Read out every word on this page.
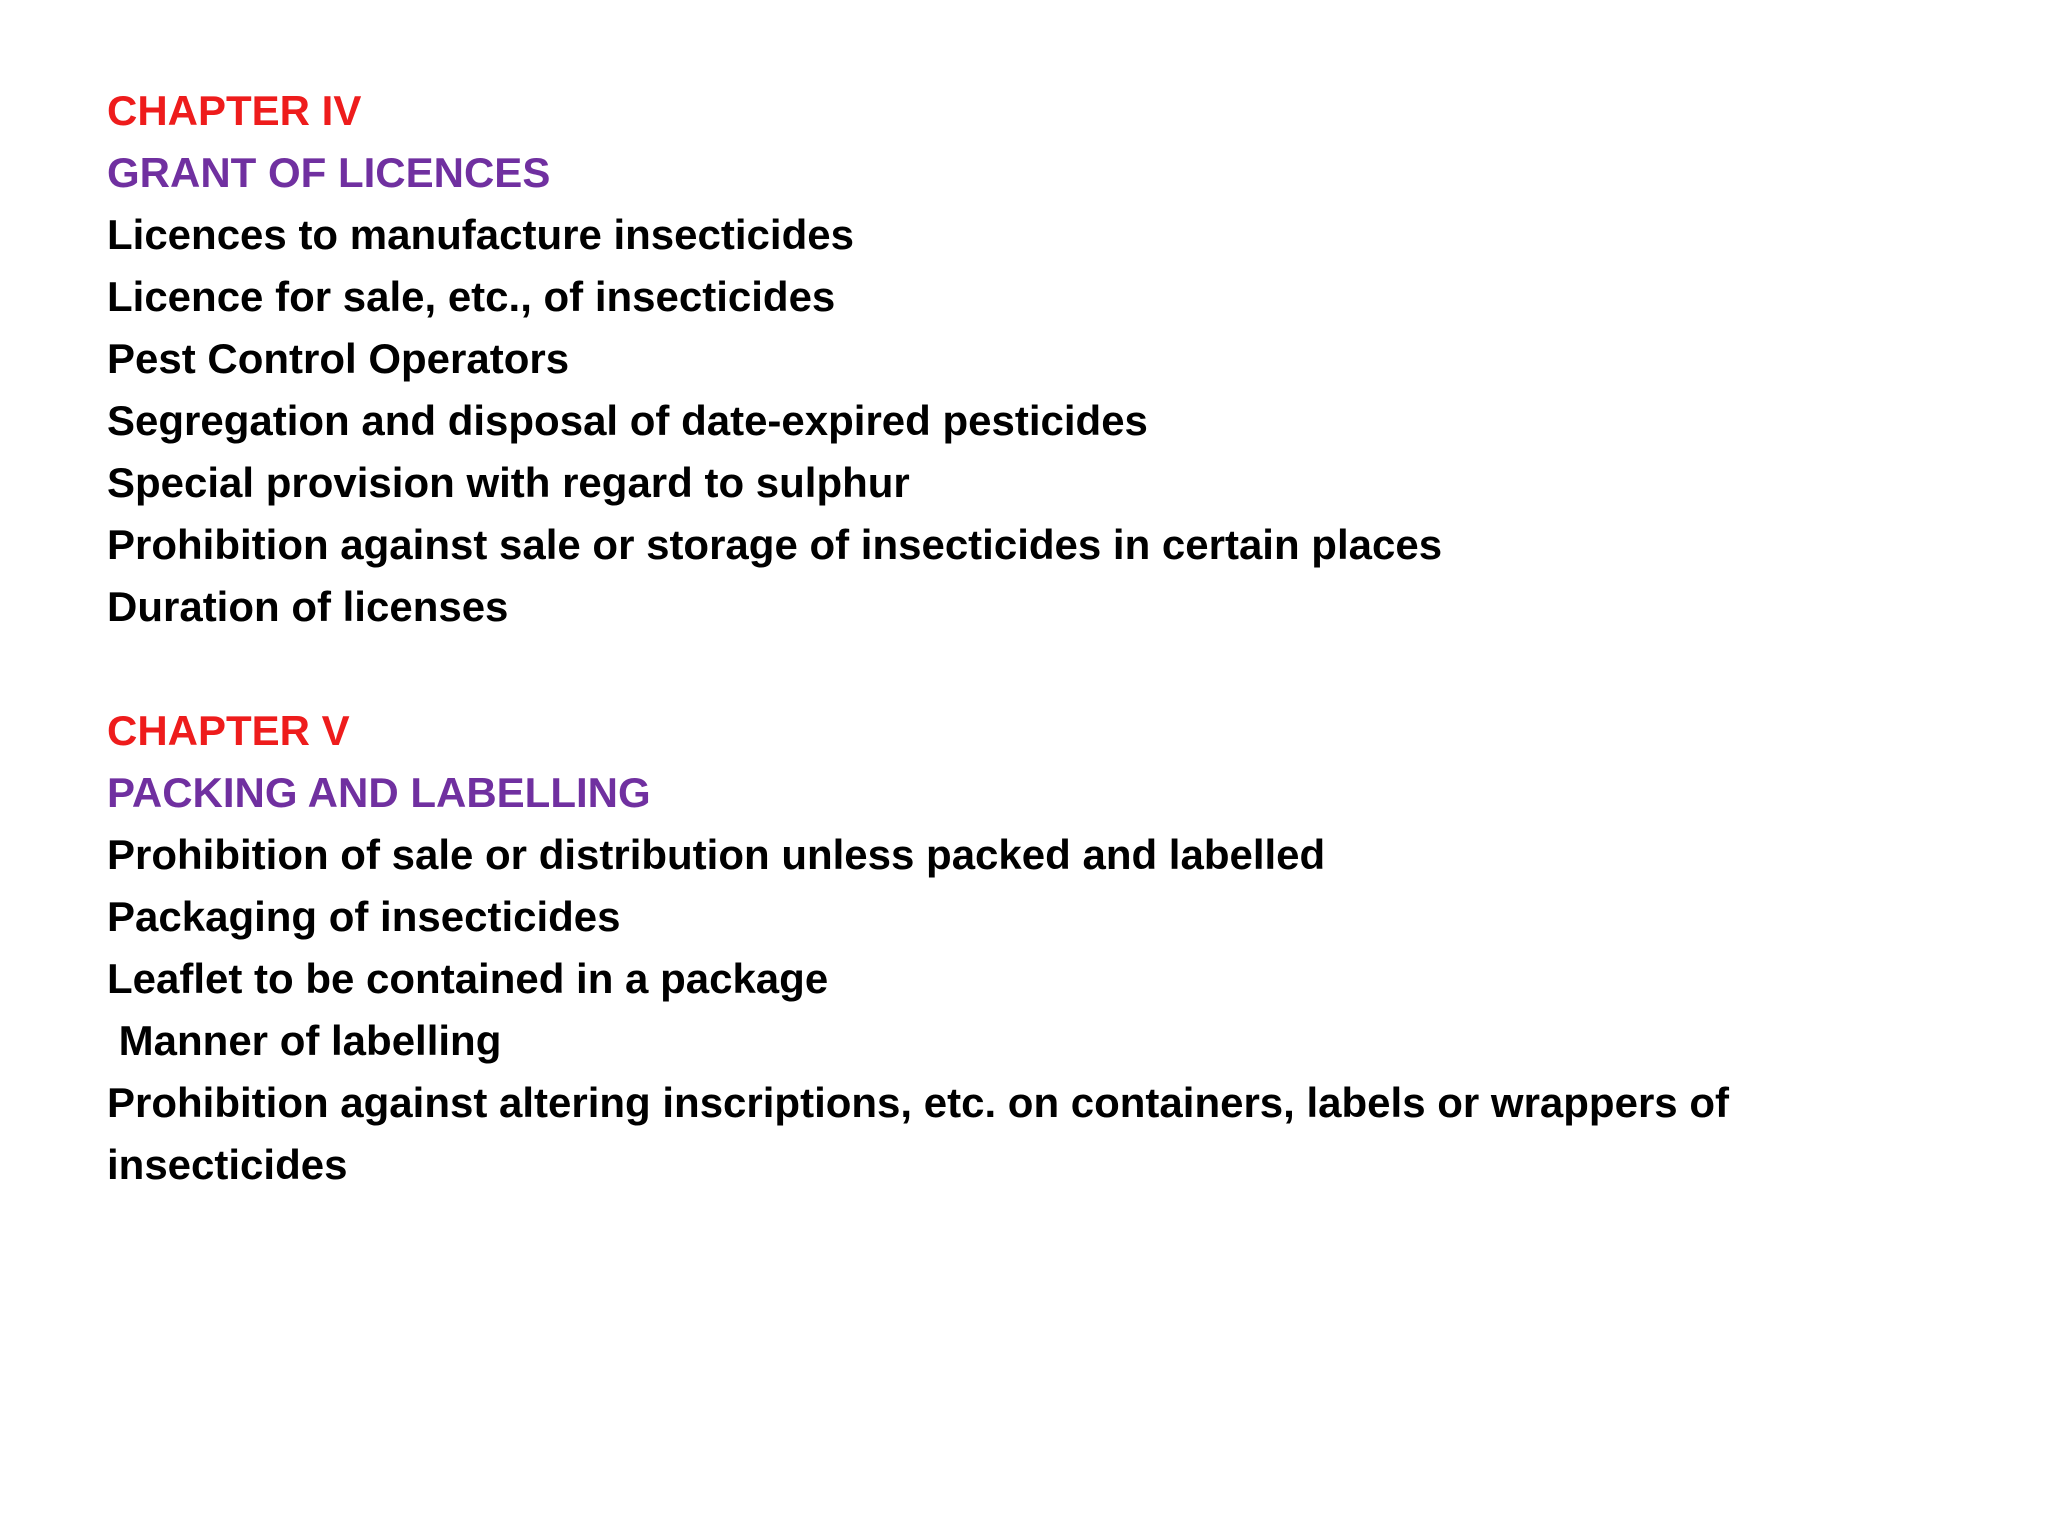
CHAPTER IV
GRANT OF LICENCES
Licences to manufacture insecticides
Licence for sale, etc., of insecticides
Pest Control Operators
Segregation and disposal of date-expired pesticides
Special provision with regard to sulphur
Prohibition against sale or storage of insecticides in certain places
Duration of licenses
CHAPTER V
PACKING AND LABELLING
Prohibition of sale or distribution unless packed and labelled
Packaging of insecticides
Leaflet to be contained in a package
Manner of labelling
Prohibition against altering inscriptions, etc. on containers, labels or wrappers of insecticides
